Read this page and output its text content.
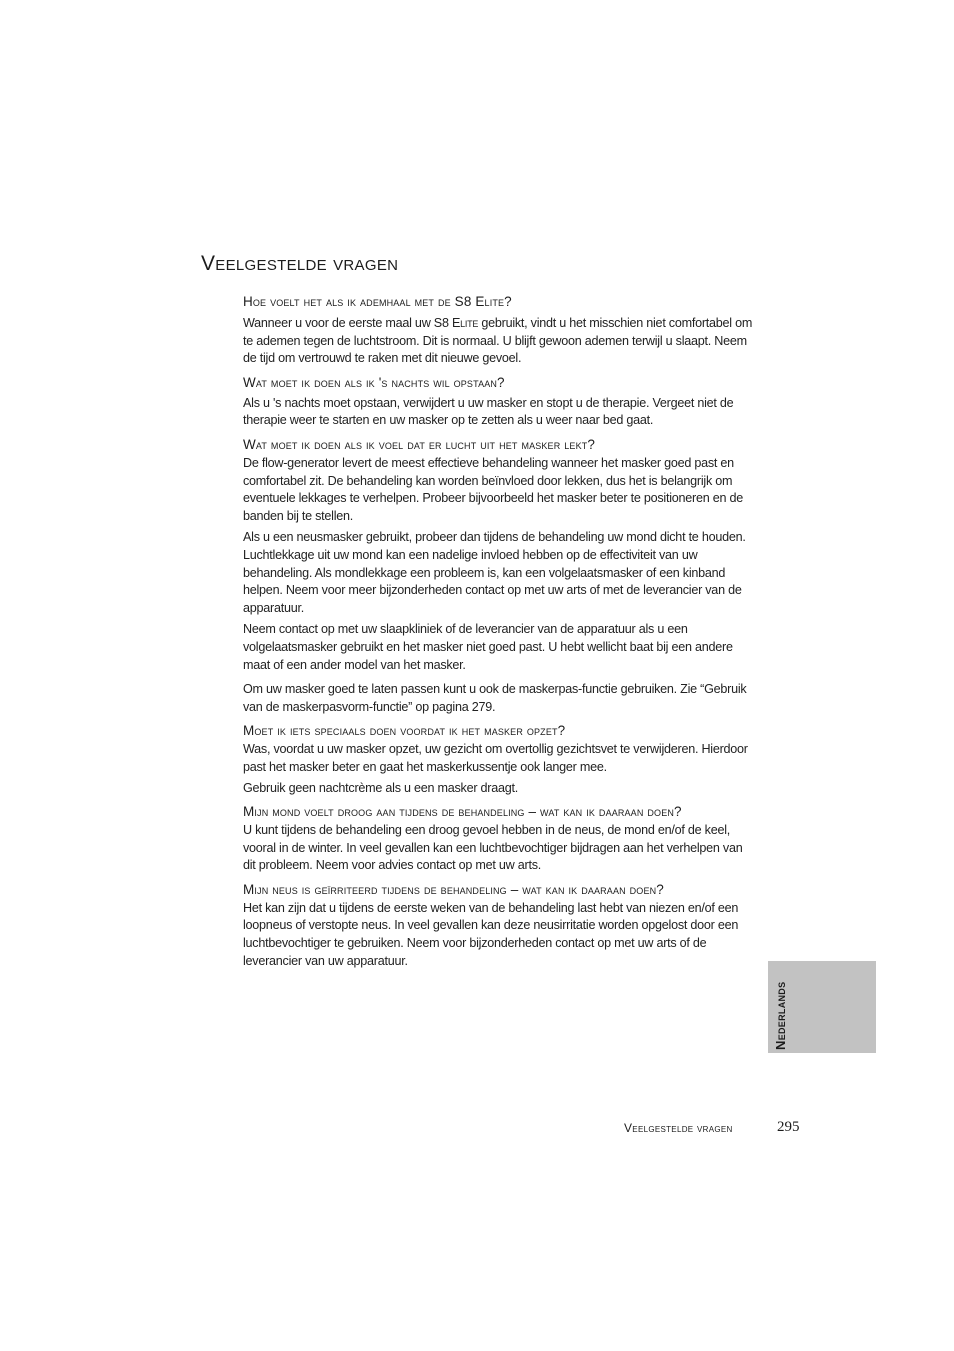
Veelgestelde vragen
Hoe voelt het als ik ademhaal met de S8 Elite?

Wanneer u voor de eerste maal uw S8 Elite gebruikt, vindt u het misschien niet comfortabel om te ademen tegen de luchtstroom. Dit is normaal. U blijft gewoon ademen terwijl u slaapt. Neem de tijd om vertrouwd te raken met dit nieuwe gevoel.

Wat moet ik doen als ik 's nachts wil opstaan?

Als u 's nachts moet opstaan, verwijdert u uw masker en stopt u de therapie. Vergeet niet de therapie weer te starten en uw masker op te zetten als u weer naar bed gaat.

Wat moet ik doen als ik voel dat er lucht uit het masker lekt?

De flow-generator levert de meest effectieve behandeling wanneer het masker goed past en comfortabel zit. De behandeling kan worden beïnvloed door lekken, dus het is belangrijk om eventuele lekkages te verhelpen. Probeer bijvoorbeeld het masker beter te positioneren en de banden bij te stellen.

Als u een neusmasker gebruikt, probeer dan tijdens de behandeling uw mond dicht te houden. Luchtlekkage uit uw mond kan een nadelige invloed hebben op de effectiviteit van uw behandeling. Als mondlekkage een probleem is, kan een volgelaatsmasker of een kinband helpen. Neem voor meer bijzonderheden contact op met uw arts of met de leverancier van de apparatuur.

Neem contact op met uw slaapkliniek of de leverancier van de apparatuur als u een volgelaatsmasker gebruikt en het masker niet goed past. U hebt wellicht baat bij een andere maat of een ander model van het masker.

Om uw masker goed te laten passen kunt u ook de maskerpas-functie gebruiken. Zie “Gebruik van de maskerpasvorm-functie” op pagina 279.

Moet ik iets speciaals doen voordat ik het masker opzet?

Was, voordat u uw masker opzet, uw gezicht om overtollig gezichtsvet te verwijderen. Hierdoor past het masker beter en gaat het maskerkussentje ook langer mee.

Gebruik geen nachtcrème als u een masker draagt.

Mijn mond voelt droog aan tijdens de behandeling – wat kan ik daaraan doen?

U kunt tijdens de behandeling een droog gevoel hebben in de neus, de mond en/of de keel, vooral in de winter. In veel gevallen kan een luchtbevochtiger bijdragen aan het verhelpen van dit probleem. Neem voor advies contact op met uw arts.

Mijn neus is geïrriteerd tijdens de behandeling – wat kan ik daaraan doen?

Het kan zijn dat u tijdens de eerste weken van de behandeling last hebt van niezen en/of een loopneus of verstopte neus. In veel gevallen kan deze neusirritatie worden opgelost door een luchtbevochtiger te gebruiken. Neem voor bijzonderheden contact op met uw arts of de leverancier van uw apparatuur.

Nederlands
Veelgestelde vragen	295
